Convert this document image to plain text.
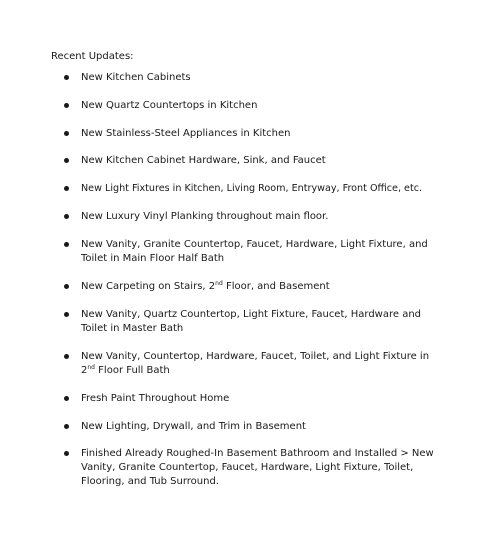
Recent Updates:
New Kitchen Cabinets
New Quartz Countertops in Kitchen
New Stainless-Steel Appliances in Kitchen
New Kitchen Cabinet Hardware, Sink, and Faucet
New Light Fixtures in Kitchen, Living Room, Entryway, Front Office, etc.
New Luxury Vinyl Planking throughout main floor.
New Vanity, Granite Countertop, Faucet, Hardware, Light Fixture, and Toilet in Main Floor Half Bath
New Carpeting on Stairs, 2nd Floor, and Basement
New Vanity, Quartz Countertop, Light Fixture, Faucet, Hardware and Toilet in Master Bath
New Vanity, Countertop, Hardware, Faucet, Toilet, and Light Fixture in 2nd Floor Full Bath
Fresh Paint Throughout Home
New Lighting, Drywall, and Trim in Basement
Finished Already Roughed-In Basement Bathroom and Installed > New Vanity, Granite Countertop, Faucet, Hardware, Light Fixture, Toilet, Flooring, and Tub Surround.
